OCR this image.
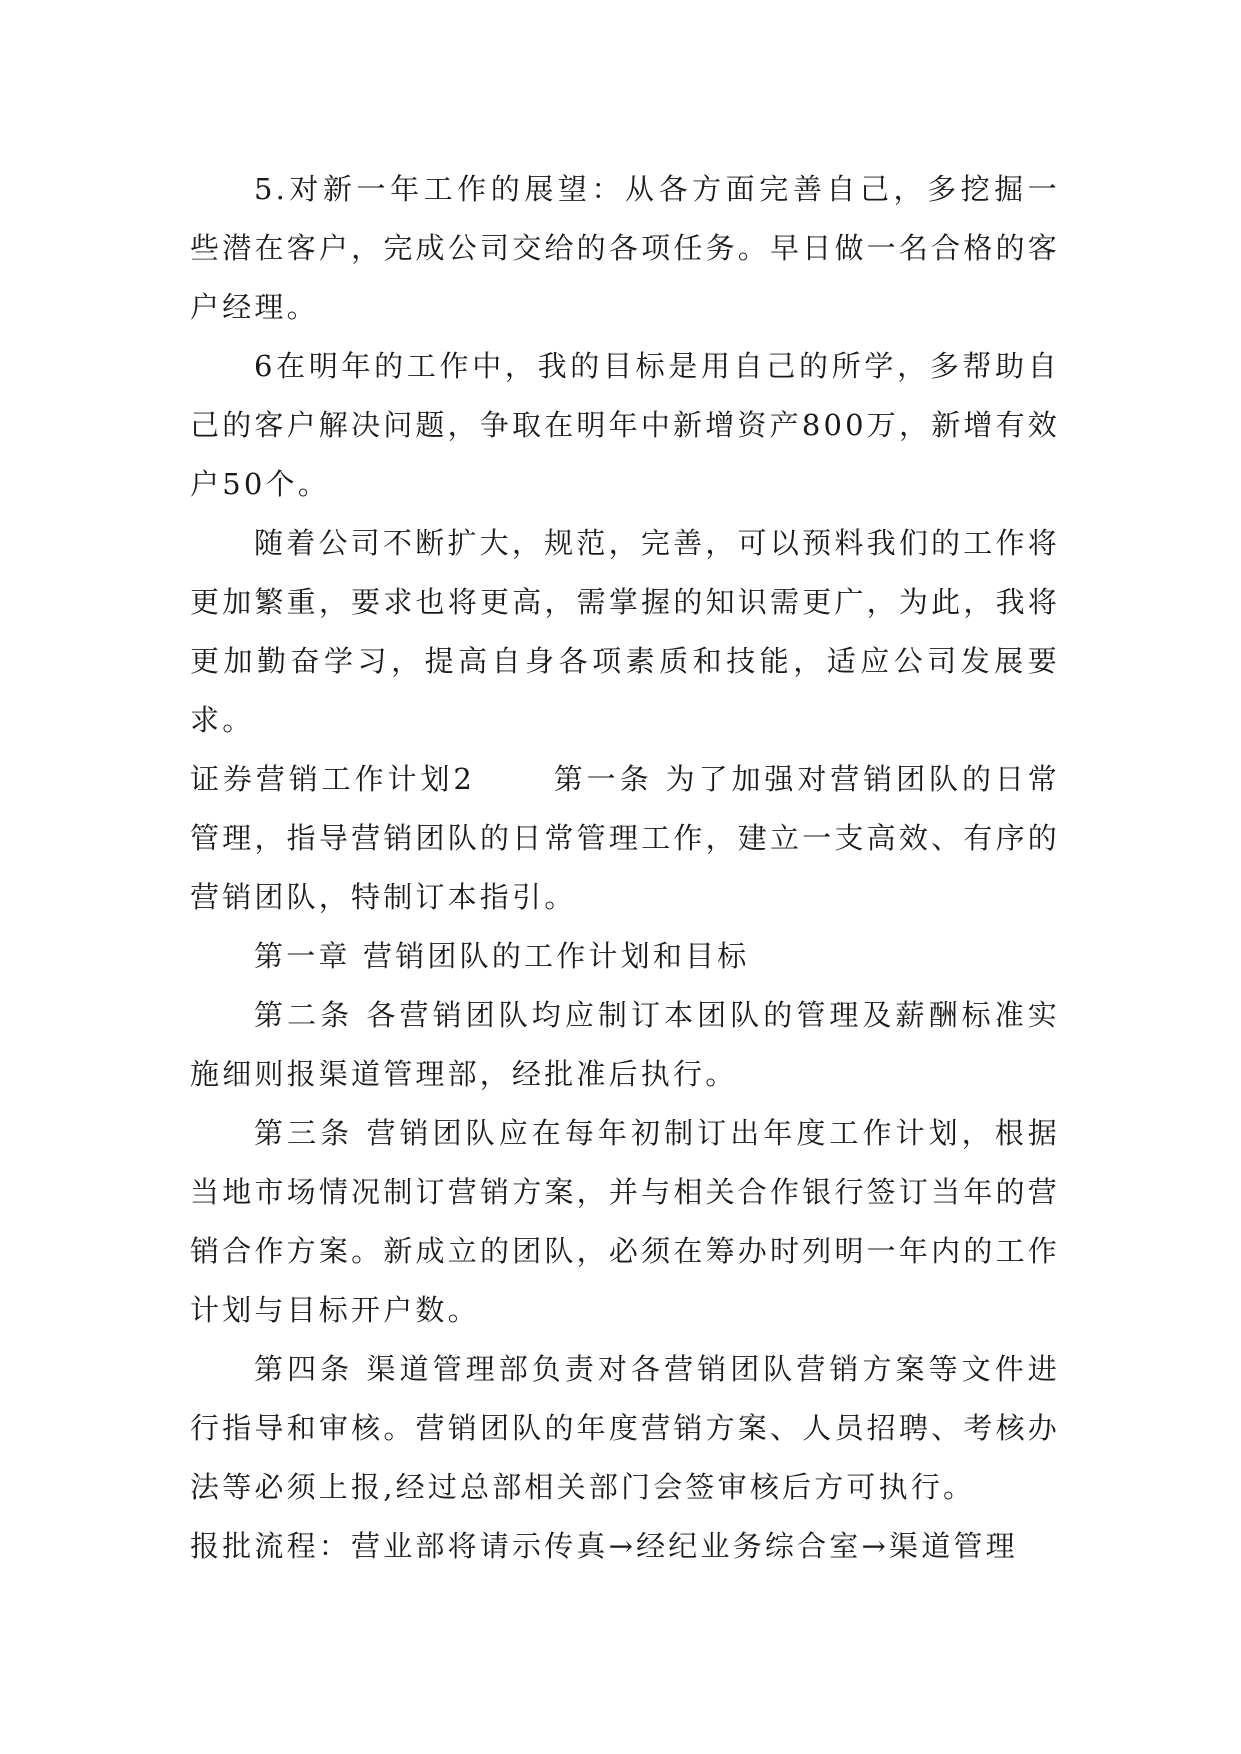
5.对新一年工作的展望：从各方面完善自己，多挖掘一些潜在客户，完成公司交给的各项任务。早日做一名合格的客户经理。

6在明年的工作中，我的目标是用自己的所学，多帮助自己的客户解决问题，争取在明年中新增资产800万，新增有效户50个。

随着公司不断扩大，规范，完善，可以预料我们的工作将更加繁重，要求也将更高，需掌握的知识需更广，为此，我将更加勤奋学习，提高自身各项素质和技能，适应公司发展要求。

证券营销工作计划2	第一条 为了加强对营销团队的日常管理，指导营销团队的日常管理工作，建立一支高效、有序的营销团队，特制订本指引。

第一章 营销团队的工作计划和目标

第二条 各营销团队均应制订本团队的管理及薪酬标准实施细则报渠道管理部，经批准后执行。

第三条 营销团队应在每年初制订出年度工作计划，根据当地市场情况制订营销方案，并与相关合作银行签订当年的营销合作方案。新成立的团队，必须在筹办时列明一年内的工作计划与目标开户数。

第四条 渠道管理部负责对各营销团队营销方案等文件进行指导和审核。营销团队的年度营销方案、人员招聘、考核办法等必须上报,经过总部相关部门会签审核后方可执行。

报批流程：营业部将请示传真→经纪业务综合室→渠道管理
